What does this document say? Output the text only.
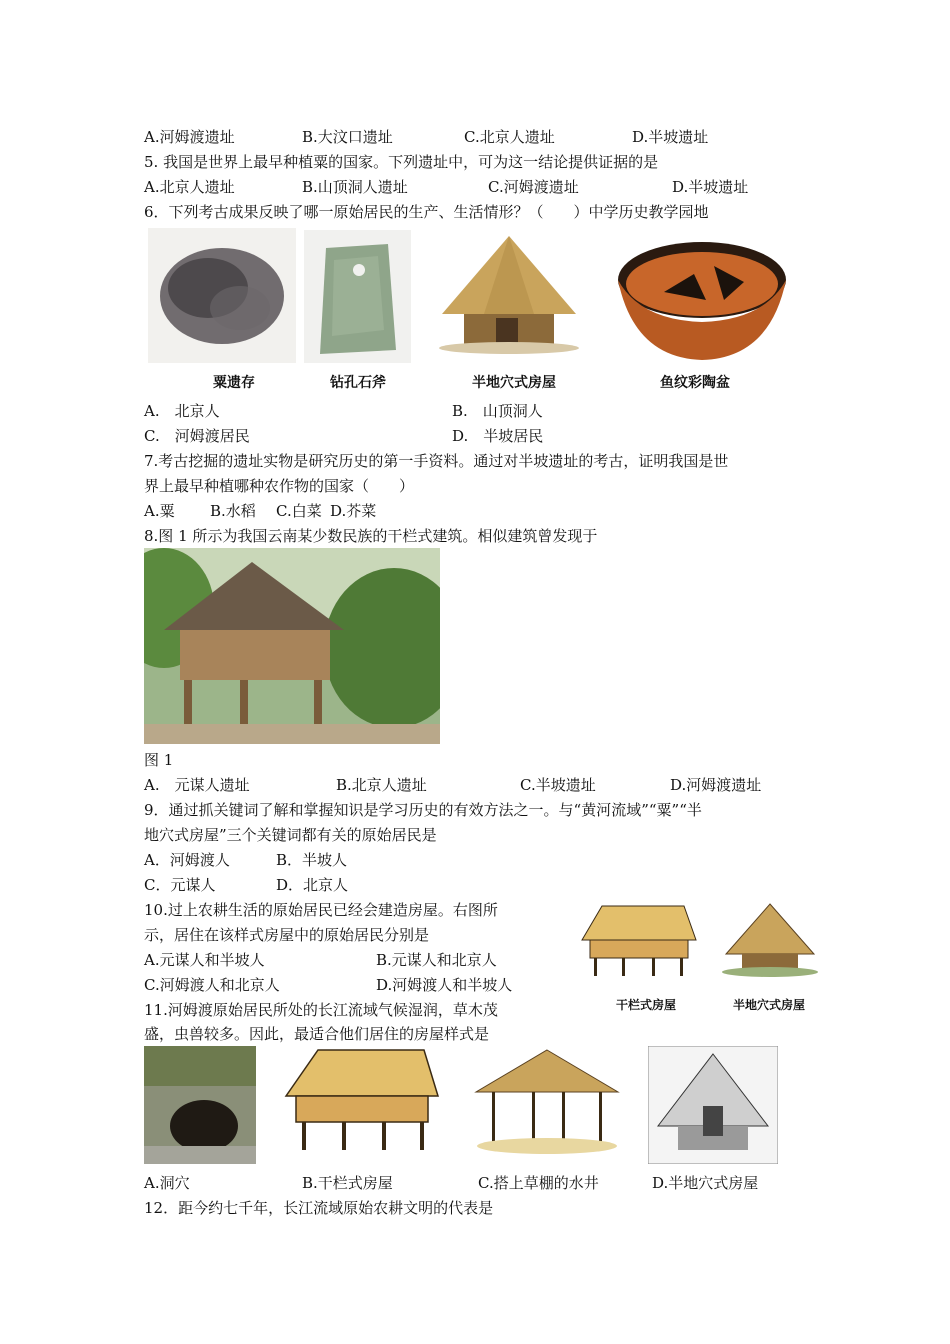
A.河姆渡遗址	B.大汶口遗址	C.北京人遗址	D.半坡遗址
5. 我国是世界上最早种植粟的国家。下列遗址中，可为这一结论提供证据的是
A.北京人遗址	B.山顶洞人遗址	C.河姆渡遗址	D.半坡遗址
6．下列考古成果反映了哪一原始居民的生产、生活情形？（　　）中学历史教学园地
粟遗存	钻孔石斧	半地穴式房屋	鱼纹彩陶盆
A.　北京人	B.　山顶洞人
C.　河姆渡居民	D.　半坡居民
7.考古挖掘的遗址实物是研究历史的第一手资料。通过对半坡遗址的考古，证明我国是世
界上最早种植哪种农作物的国家（　　）
A.粟 B.水稻 C.白菜 D.芥菜
8.图 1 所示为我国云南某少数民族的干栏式建筑。相似建筑曾发现于
图 1
A.　元谋人遗址	B.北京人遗址	C.半坡遗址	D.河姆渡遗址
9．通过抓关键词了解和掌握知识是学习历史的有效方法之一。与“黄河流域”“粟”“半
地穴式房屋”三个关键词都有关的原始居民是
A．河姆渡人	B．半坡人
C．元谋人	D．北京人
10.过上农耕生活的原始居民已经会建造房屋。右图所
示，居住在该样式房屋中的原始居民分别是
A.元谋人和半坡人	B.元谋人和北京人
C.河姆渡人和北京人	D.河姆渡人和半坡人
干栏式房屋	半地穴式房屋
11.河姆渡原始居民所处的长江流域气候湿润，草木茂
盛，虫兽较多。因此，最适合他们居住的房屋样式是
A.洞穴	B.干栏式房屋	C.搭上草棚的水井	D.半地穴式房屋
12．距今约七千年，长江流域原始农耕文明的代表是
